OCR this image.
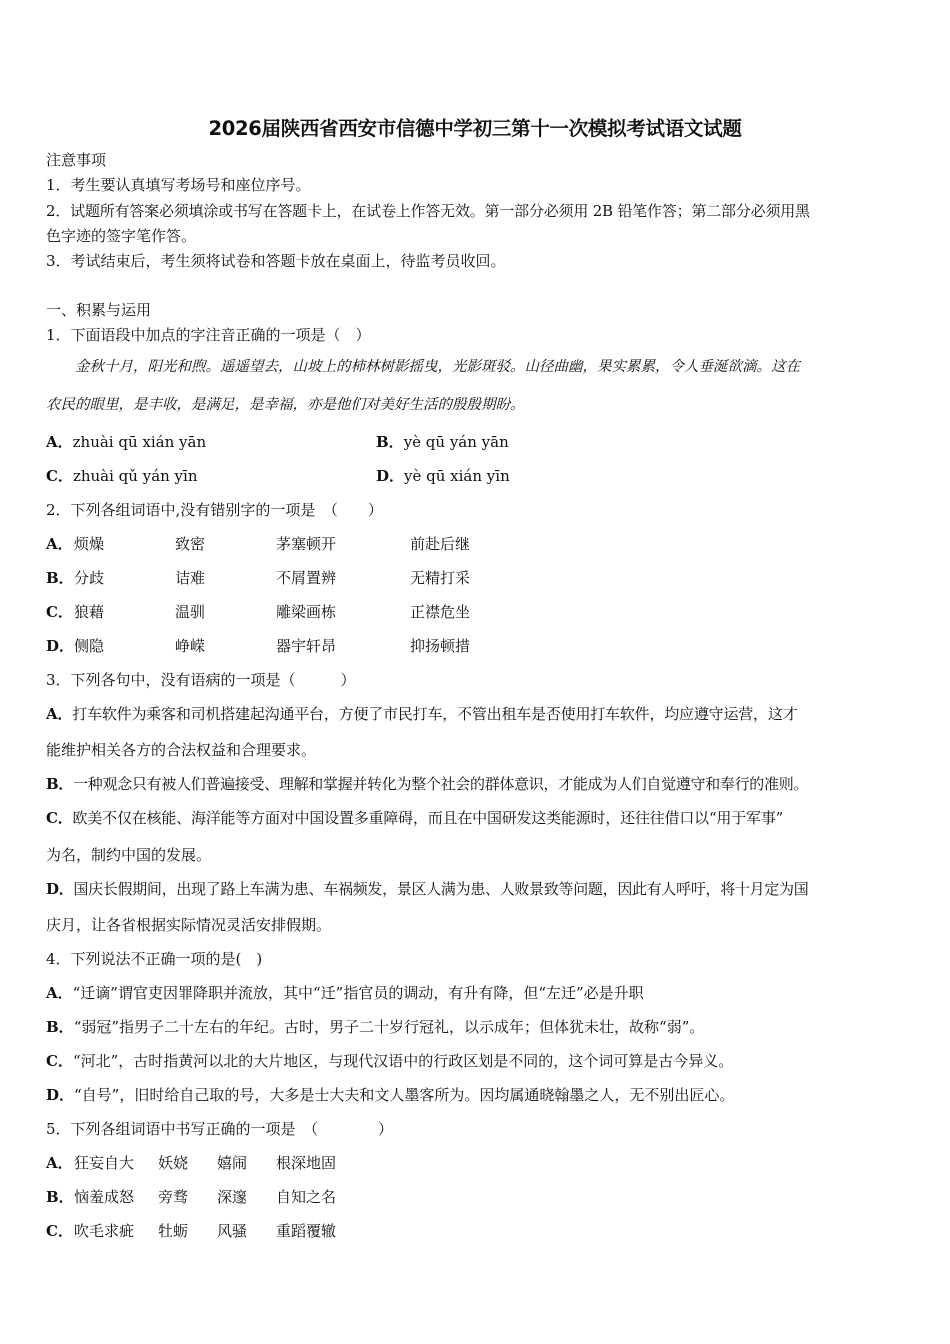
2026届陕西省西安市信德中学初三第十一次模拟考试语文试题
注意事项
1．考生要认真填写考场号和座位序号。
2．试题所有答案必须填涂或书写在答题卡上，在试卷上作答无效。第一部分必须用 2B 铅笔作答；第二部分必须用黑
色字迹的签字笔作答。
3．考试结束后，考生须将试卷和答题卡放在桌面上，待监考员收回。
一、积累与运用
1．下面语段中加点的字注音正确的一项是（　）
　　金秋十月，阳光和煦。遥遥望去，山坡上的柿林树影摇曳，光影斑驳。山径曲幽，果实累累，令人垂涎欲滴。这在
农民的眼里，是丰收，是满足，是幸福，亦是他们对美好生活的殷殷期盼。
A．zhuài qū xián yān	B．yè qū yán yān
C．zhuài qǔ yán yīn	D．yè qū xián yīn
2．下列各组词语中,没有错别字的一项是　（　　）
A． 烦燥	致密	茅塞顿开	前赴后继
B． 分歧	诘难	不屑置辨	无精打采
C． 狼藉	温驯	雕梁画栋	正襟危坐
D． 侧隐	峥嵘	器宇轩昂	抑扬顿措
3．下列各句中，没有语病的一项是（　　　）
A．打车软件为乘客和司机搭建起沟通平台，方便了市民打车，不管出租车是否使用打车软件，均应遵守运营，这才
能维护相关各方的合法权益和合理要求。
B．一种观念只有被人们普遍接受、理解和掌握并转化为整个社会的群体意识，才能成为人们自觉遵守和奉行的准则。
C．欧美不仅在核能、海洋能等方面对中国设置多重障碍，而且在中国研发这类能源时，还往往借口以“用于军事”
为名，制约中国的发展。
D．国庆长假期间，出现了路上车满为患、车祸频发，景区人满为患、人败景致等问题，因此有人呼吁，将十月定为国
庆月，让各省根据实际情况灵活安排假期。
4．下列说法不正确一项的是(　)
A．“迁谪”谓官吏因罪降职并流放，其中“迁”指官员的调动，有升有降，但“左迁”必是升职
B．“弱冠”指男子二十左右的年纪。古时，男子二十岁行冠礼，以示成年；但体犹未壮，故称“弱”。
C．“河北”，古时指黄河以北的大片地区，与现代汉语中的行政区划是不同的，这个词可算是古今异义。
D．“自号”，旧时给自己取的号，大多是士大夫和文人墨客所为。因均属通晓翰墨之人，无不别出匠心。
5．下列各组词语中书写正确的一项是　（　　　　）
A． 狂妄自大 妖娆 嬉闹 根深地固
B． 恼羞成怒 旁骛 深邃 自知之名
C． 吹毛求疵 牡蛎 风骚 重蹈覆辙
